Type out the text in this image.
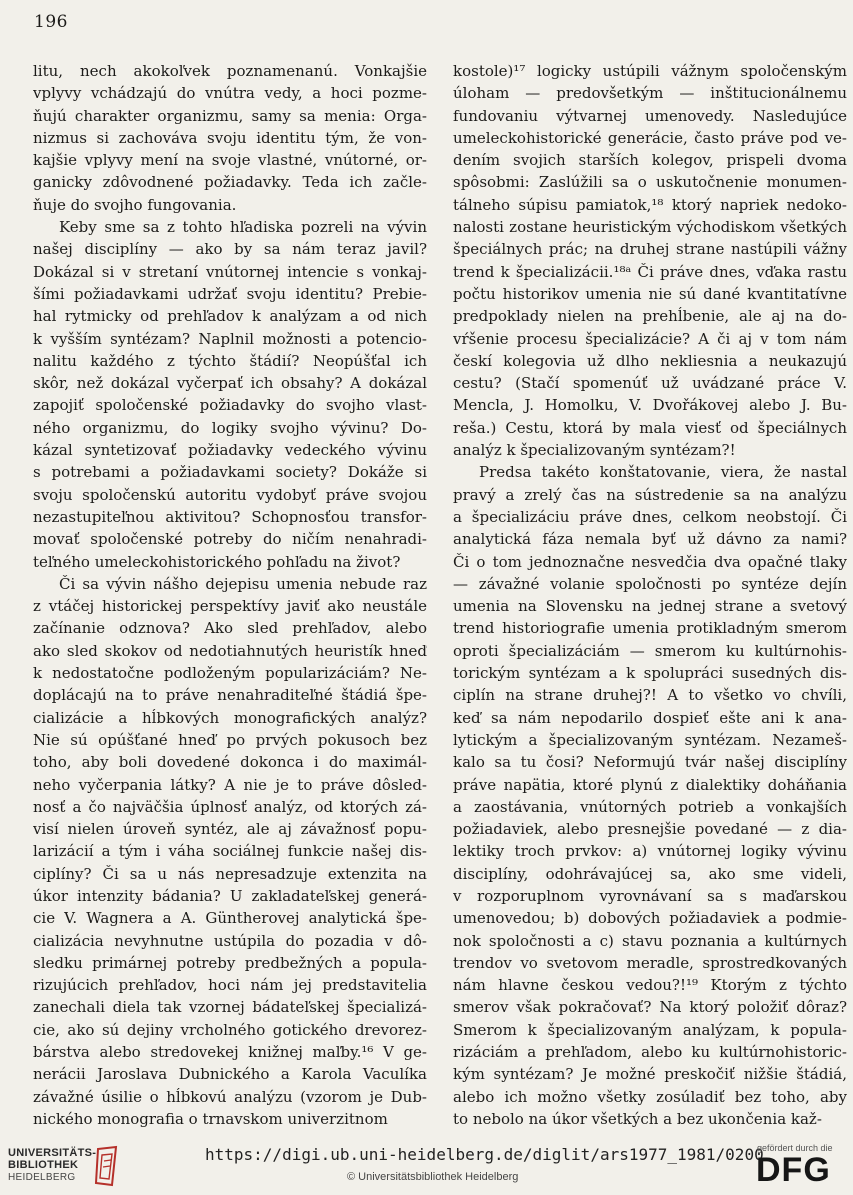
196
litu, nech akokoľvek poznamenanú. Vonkajšie
vplyvy vchádzajú do vnútra vedy, a hoci pozme-
ňujú charakter organizmu, samy sa menia: Orga-
nizmus si zachováva svoju identitu tým, že von-
kajšie vplyvy mení na svoje vlastné, vnútorné, or-
ganicky zdôvodnené požiadavky. Teda ich začle-
ňuje do svojho fungovania.
Keby sme sa z tohto hľadiska pozreli na vývin
našej disciplíny — ako by sa nám teraz javil?
Dokázal si v stretaní vnútornej intencie s vonkaj-
šími požiadavkami udržať svoju identitu? Prebie-
hal rytmicky od prehľadov k analýzam a od nich
k vyšším syntézam? Naplnil možnosti a potencio-
nalitu každého z týchto štádií? Neopúšťal ich
skôr, než dokázal vyčerpať ich obsahy? A dokázal
zapojiť spoločenské požiadavky do svojho vlast-
ného organizmu, do logiky svojho vývinu? Do-
kázal syntetizovať požiadavky vedeckého vývinu
s potrebami a požiadavkami society? Dokáže si
svoju spoločenskú autoritu vydobyť práve svojou
nezastupiteľnou aktivitou? Schopnosťou transfor-
movať spoločenské potreby do ničím nenahradi-
teľného umeleckohistorického pohľadu na život?
Či sa vývin nášho dejepisu umenia nebude raz
z vtáčej historickej perspektívy javiť ako neustále
začínanie odznova? Ako sled prehľadov, alebo
ako sled skokov od nedotiahnutých heuristík hneď
k nedostatočne podloženým popularizáciám? Ne-
doplácajú na to práve nenahraditeľné štádiá špe-
cializácie a hĺbkových monografických analýz?
Nie sú opúšťané hneď po prvých pokusoch bez
toho, aby boli dovedené dokonca i do maximál-
neho vyčerpania látky? A nie je to práve dôsled-
nosť a čo najväčšia úplnosť analýz, od ktorých zá-
visí nielen úroveň syntéz, ale aj závažnosť popu-
larizácií a tým i váha sociálnej funkcie našej dis-
ciplíny? Či sa u nás nepresadzuje extenzita na
úkor intenzity bádania? U zakladateľskej generá-
cie V. Wagnera a A. Güntherovej analytická špe-
cializácia nevyhnutne ustúpila do pozadia v dô-
sledku primárnej potreby predbežných a popula-
rizujúcich prehľadov, hoci nám jej predstavitelia
zanechali diela tak vzornej bádateľskej špecializá-
cie, ako sú dejiny vrcholného gotického drevorez-
bárstva alebo stredovekej knižnej maľby.¹⁶ V ge-
nerácii Jaroslava Dubnického a Karola Vaculíka
závažné úsilie o hĺbkovú analýzu (vzorom je Dub-
nického monografia o trnavskom univerzitnom
kostole)¹⁷ logicky ustúpili vážnym spoločenským
úloham — predovšetkým — inštitucionálnemu
fundovaniu výtvarnej umenovedy. Nasledujúce
umeleckohistorické generácie, často práve pod ve-
dením svojich starších kolegov, prispeli dvoma
spôsobmi: Zaslúžili sa o uskutočnenie monumen-
tálneho súpisu pamiatok,¹⁸ ktorý napriek nedoko-
nalosti zostane heuristickým východiskom všetkých
špeciálnych prác; na druhej strane nastúpili vážny
trend k špecializácii.¹⁸ᵃ Či práve dnes, vďaka rastu
počtu historikov umenia nie sú dané kvantitatívne
predpoklady nielen na prehĺbenie, ale aj na do-
vŕšenie procesu špecializácie? A či aj v tom nám
českí kolegovia už dlho nekliesnia a neukazujú
cestu? (Stačí spomenúť už uvádzané práce V.
Mencla, J. Homolku, V. Dvořákovej alebo J. Bu-
reša.) Cestu, ktorá by mala viesť od špeciálnych
analýz k špecializovaným syntézam?!
Predsa takéto konštatovanie, viera, že nastal
pravý a zrelý čas na sústredenie sa na analýzu
a špecializáciu práve dnes, celkom neobstojí. Či
analytická fáza nemala byť už dávno za nami?
Či o tom jednoznačne nesvedčia dva opačné tlaky
— závažné volanie spoločnosti po syntéze dejín
umenia na Slovensku na jednej strane a svetový
trend historiografie umenia protikladným smerom
oproti špecializáciám — smerom ku kultúrnohis-
torickým syntézam a k spolupráci susedných dis-
ciplín na strane druhej?! A to všetko vo chvíli,
keď sa nám nepodarilo dospieť ešte ani k ana-
lytickým a špecializovaným syntézam. Nezameš-
kalo sa tu čosi? Neformujú tvár našej disciplíny
práve napätia, ktoré plynú z dialektiky doháňania
a zaostávania, vnútorných potrieb a vonkajších
požiadaviek, alebo presnejšie povedané — z dia-
lektiky troch prvkov: a) vnútornej logiky vývinu
disciplíny, odohrávajúcej sa, ako sme videli,
v rozporuplnom vyrovnávaní sa s maďarskou
umenovedou; b) dobových požiadaviek a podmie-
nok spoločnosti a c) stavu poznania a kultúrnych
trendov vo svetovom meradle, sprostredkovaných
nám hlavne českou vedou?!¹⁹ Ktorým z týchto
smerov však pokračovať? Na ktorý položiť dôraz?
Smerom k špecializovaným analýzam, k popula-
rizáciám a prehľadom, alebo ku kultúrnohistoric-
kým syntézam? Je možné preskočiť nižšie štádiá,
alebo ich možno všetky zosúladiť bez toho, aby
to nebolo na úkor všetkých a bez ukončenia kaž-
UNIVERSITÄTS-
BIBLIOTHEK
HEIDELBERG
https://digi.ub.uni-heidelberg.de/diglit/ars1977_1981/0200
© Universitätsbibliothek Heidelberg
gefördert durch die
DFG
